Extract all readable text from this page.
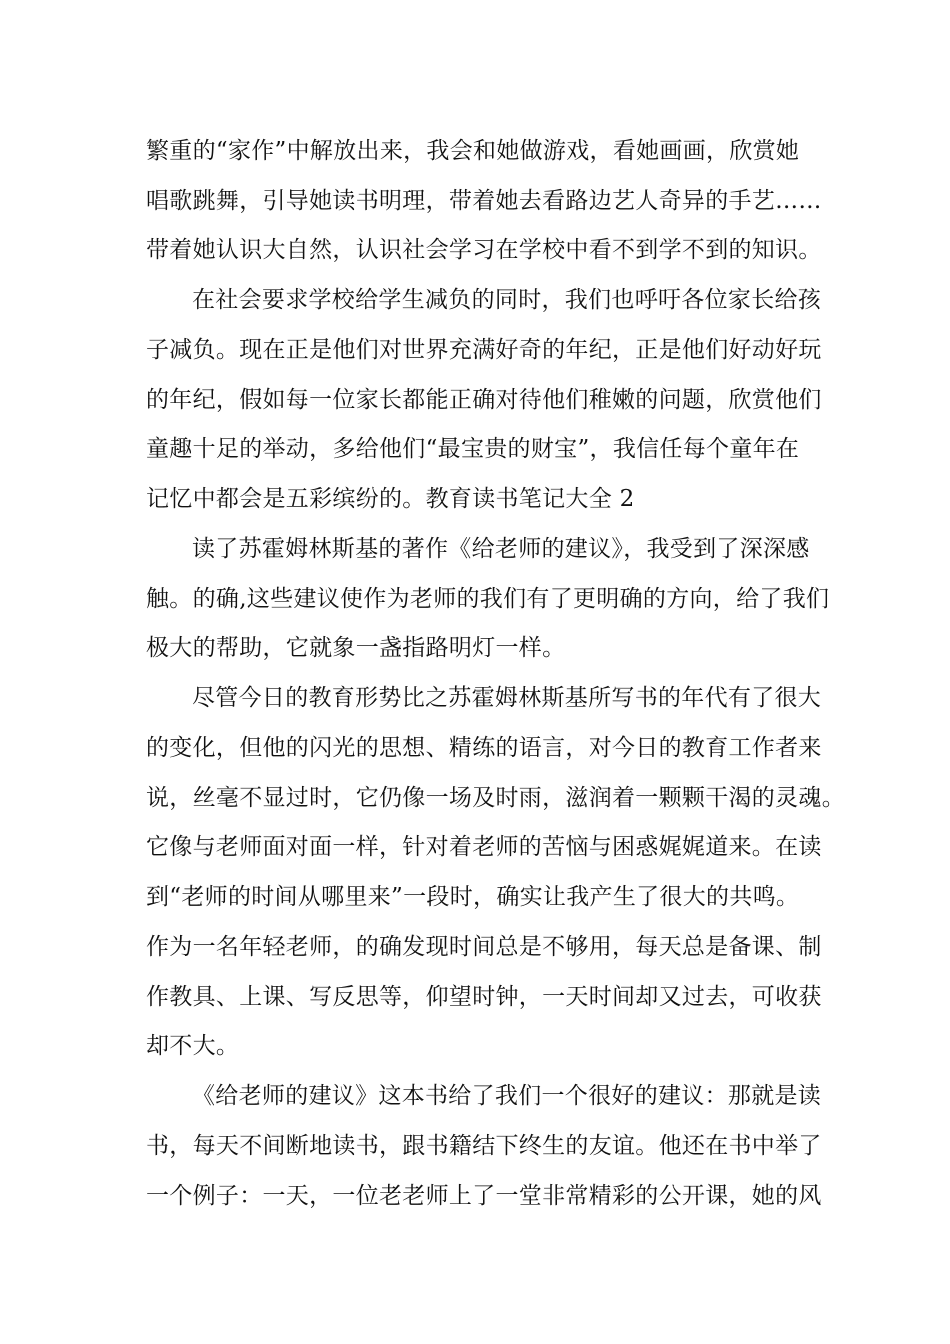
繁重的“家作”中解放出来，我会和她做游戏，看她画画，欣赏她
唱歌跳舞，引导她读书明理，带着她去看路边艺人奇异的手艺……
带着她认识大自然，认识社会学习在学校中看不到学不到的知识。
在社会要求学校给学生减负的同时，我们也呼吁各位家长给孩
子减负。现在正是他们对世界充满好奇的年纪，正是他们好动好玩
的年纪，假如每一位家长都能正确对待他们稚嫩的问题，欣赏他们
童趣十足的举动，多给他们“最宝贵的财宝”，我信任每个童年在
记忆中都会是五彩缤纷的。教育读书笔记大全 2
读了苏霍姆林斯基的著作《给老师的建议》，我受到了深深感
触。的确,这些建议使作为老师的我们有了更明确的方向，给了我们
极大的帮助，它就象一盏指路明灯一样。
尽管今日的教育形势比之苏霍姆林斯基所写书的年代有了很大
的变化，但他的闪光的思想、精练的语言，对今日的教育工作者来
说，丝毫不显过时，它仍像一场及时雨，滋润着一颗颗干渴的灵魂。
它像与老师面对面一样，针对着老师的苦恼与困惑娓娓道来。在读
到“老师的时间从哪里来”一段时，确实让我产生了很大的共鸣。
作为一名年轻老师，的确发现时间总是不够用，每天总是备课、制
作教具、上课、写反思等，仰望时钟，一天时间却又过去，可收获
却不大。
《给老师的建议》这本书给了我们一个很好的建议：那就是读
书，每天不间断地读书，跟书籍结下终生的友谊。他还在书中举了
一个例子：一天，一位老老师上了一堂非常精彩的公开课，她的风
